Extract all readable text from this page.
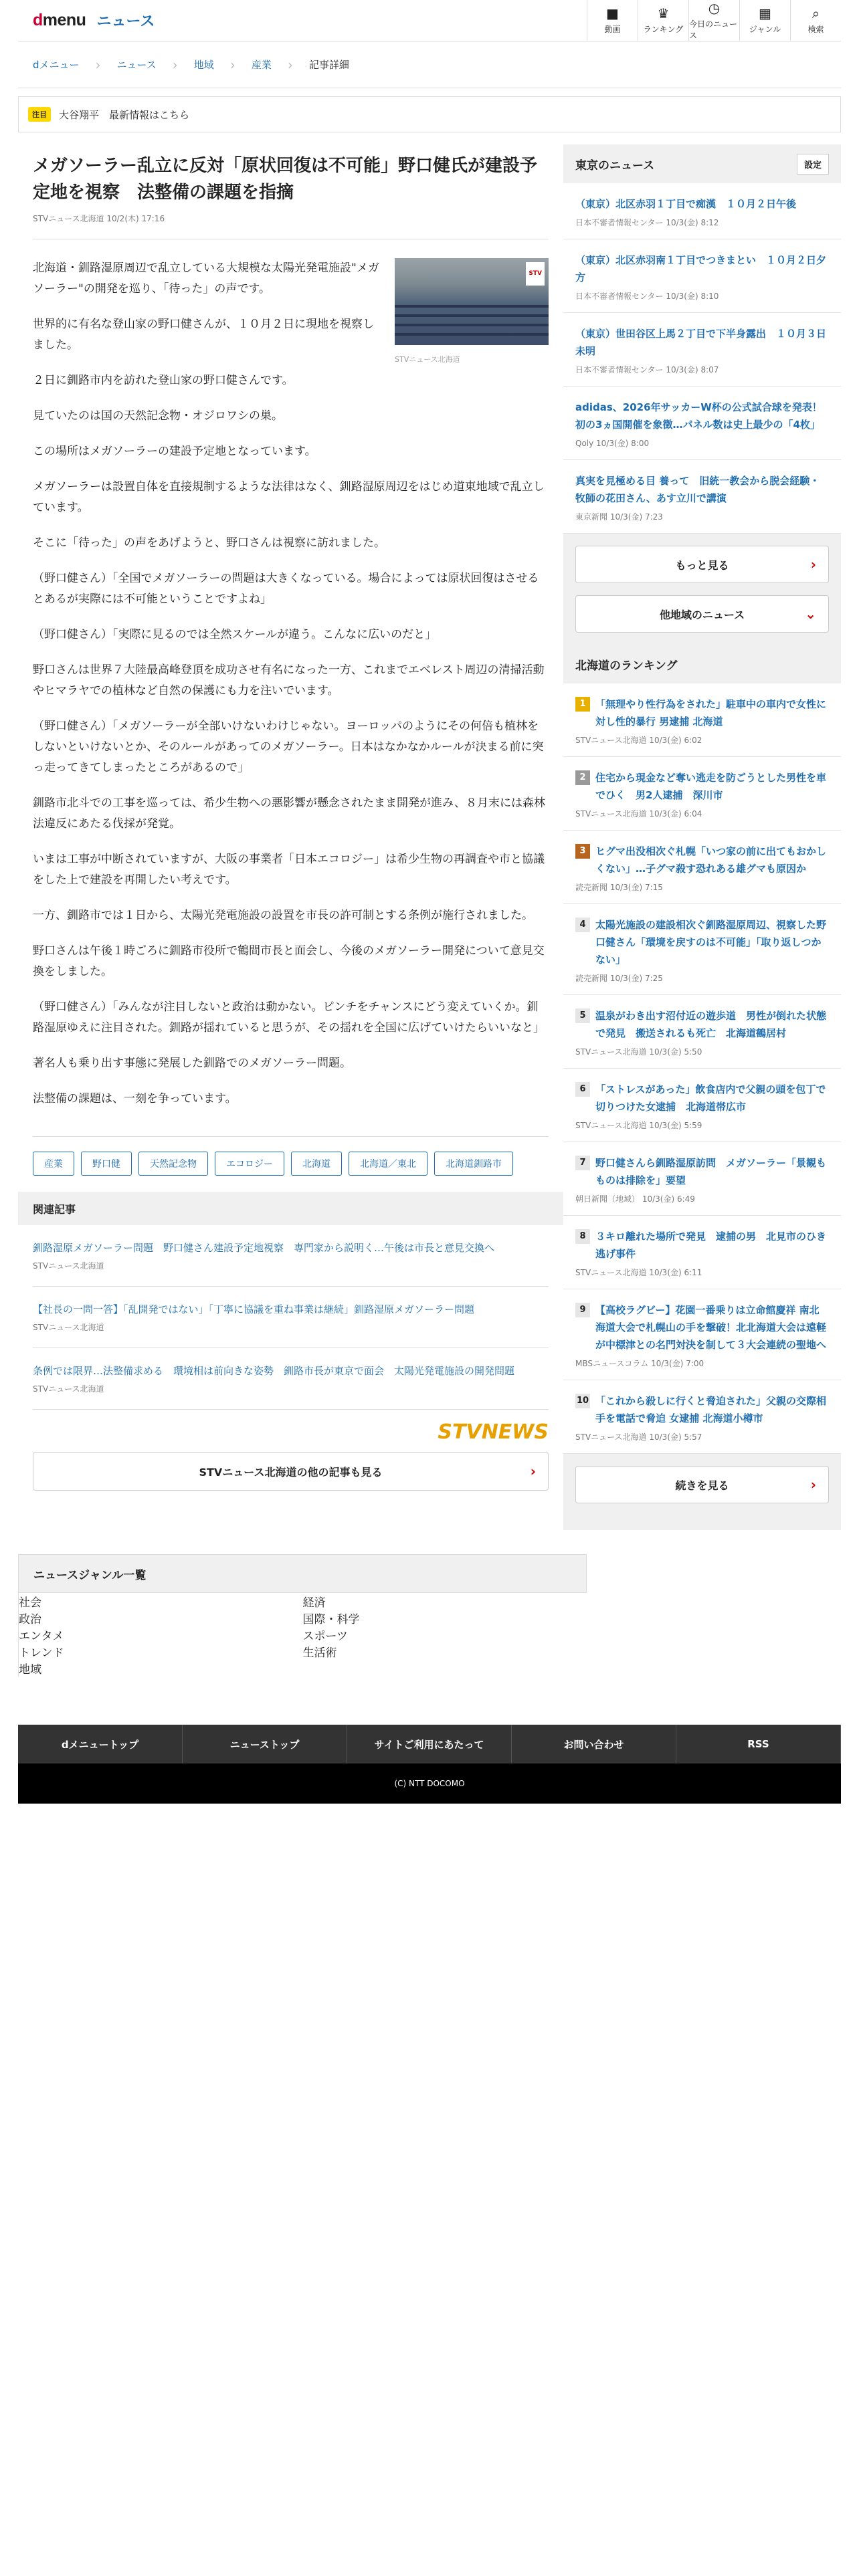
dmenu ニュース	■
動画
♛
ランキング
◷
今日のニュース
▦
ジャンル
⌕
検索
dメニュー › ニュース › 地域 › 産業 › 記事詳細
注目	大谷翔平　最新情報はこちら
メガソーラー乱立に反対「原状回復は不可能」野口健氏が建設予定地を視察　法整備の課題を指摘
STVニュース北海道 10/2(木) 17:16
STV
STVニュース北海道

北海道・釧路湿原周辺で乱立している大規模な太陽光発電施設"メガソーラー"の開発を巡り、「待った」の声です。

世界的に有名な登山家の野口健さんが、１０月２日に現地を視察しました。

２日に釧路市内を訪れた登山家の野口健さんです。

見ていたのは国の天然記念物・オジロワシの巣。

この場所はメガソーラーの建設予定地となっています。

メガソーラーは設置自体を直接規制するような法律はなく、釧路湿原周辺をはじめ道東地域で乱立しています。

そこに「待った」の声をあげようと、野口さんは視察に訪れました。

（野口健さん）「全国でメガソーラーの問題は大きくなっている。場合によっては原状回復はさせるとあるが実際には不可能ということですよね」

（野口健さん）「実際に見るのでは全然スケールが違う。こんなに広いのだと」

野口さんは世界７大陸最高峰登頂を成功させ有名になった一方、これまでエベレスト周辺の清掃活動やヒマラヤでの植林など自然の保護にも力を注いでいます。

（野口健さん）「メガソーラーが全部いけないわけじゃない。ヨーロッパのようにその何倍も植林をしないといけないとか、そのルールがあってのメガソーラー。日本はなかなかルールが決まる前に突っ走ってきてしまったところがあるので」

釧路市北斗での工事を巡っては、希少生物への悪影響が懸念されたまま開発が進み、８月末には森林法違反にあたる伐採が発覚。

いまは工事が中断されていますが、大阪の事業者「日本エコロジー」は希少生物の再調査や市と協議をした上で建設を再開したい考えです。

一方、釧路市では１日から、太陽光発電施設の設置を市長の許可制とする条例が施行されました。

野口さんは午後１時ごろに釧路市役所で鶴間市長と面会し、今後のメガソーラー開発について意見交換をしました。

（野口健さん）「みんなが注目しないと政治は動かない。ピンチをチャンスにどう変えていくか。釧路湿原ゆえに注目された。釧路が揺れていると思うが、その揺れを全国に広げていけたらいいなと」

著名人も乗り出す事態に発展した釧路でのメガソーラー問題。

法整備の課題は、一刻を争っています。

産業	野口健	天然記念物	エコロジー	北海道	北海道／東北	北海道釧路市
関連記事
釧路湿原メガソーラー問題　野口健さん建設予定地視察　専門家から説明く…午後は市長と意見交換へ
STVニュース北海道
【社長の一問一答】「乱開発ではない」「丁寧に協議を重ね事業は継続」釧路湿原メガソーラー問題
STVニュース北海道
条例では限界…法整備求める　環境相は前向きな姿勢　釧路市長が東京で面会　太陽光発電施設の開発問題
STVニュース北海道
STVNEWS
STVニュース北海道の他の記事も見る	›
東京のニュース	設定
（東京）北区赤羽１丁目で痴漢　１０月２日午後
日本不審者情報センター 10/3(金) 8:12
（東京）北区赤羽南１丁目でつきまとい　１０月２日夕方
日本不審者情報センター 10/3(金) 8:10
（東京）世田谷区上馬２丁目で下半身露出　１０月３日未明
日本不審者情報センター 10/3(金) 8:07
adidas、2026年サッカーW杯の公式試合球を発表！初の3ヵ国開催を象徴…パネル数は史上最少の「4枚」
Qoly 10/3(金) 8:00
真実を見極める目 養って　旧統一教会から脱会経験・牧師の花田さん、あす立川で講演
東京新聞 10/3(金) 7:23
もっと見る	›
他地域のニュース	⌄
北海道のランキング
1 「無理やり性行為をされた」駐車中の車内で女性に対し性的暴行 男逮捕 北海道
STVニュース北海道 10/3(金) 6:02
2 住宅から現金など奪い逃走を防ごうとした男性を車でひく　男2人逮捕　深川市
STVニュース北海道 10/3(金) 6:04
3 ヒグマ出没相次ぐ札幌「いつ家の前に出てもおかしくない」…子グマ殺す恐れある雄グマも原因か
読売新聞 10/3(金) 7:15
4 太陽光施設の建設相次ぐ釧路湿原周辺、視察した野口健さん「環境を戻すのは不可能」「取り返しつかない」
読売新聞 10/3(金) 7:25
5 温泉がわき出す沼付近の遊歩道　男性が倒れた状態で発見　搬送されるも死亡　北海道鶴居村
STVニュース北海道 10/3(金) 5:50
6 「ストレスがあった」飲食店内で父親の頭を包丁で切りつけた女逮捕　北海道帯広市
STVニュース北海道 10/3(金) 5:59
7 野口健さんら釧路湿原訪問　メガソーラー「景観もものは排除を」要望
朝日新聞（地域） 10/3(金) 6:49
8 ３キロ離れた場所で発見　逮捕の男　北見市のひき逃げ事件
STVニュース北海道 10/3(金) 6:11
9 【高校ラグビー】花園一番乗りは立命館慶祥 南北海道大会で札幌山の手を撃破！北北海道大会は遠軽が中標津との名門対決を制して３大会連続の聖地へ
MBSニュースコラム 10/3(金) 7:00
10 「これから殺しに行くと脅迫された」父親の交際相手を電話で脅迫 女逮捕 北海道小樽市
STVニュース北海道 10/3(金) 5:57
続きを見る	›
ニュースジャンル一覧
社会	経済
政治	国際・科学
エンタメ	スポーツ
トレンド	生活術
地域
dメニュートップ	ニューストップ	サイトご利用にあたって	お問い合わせ	RSS
(C) NTT DOCOMO
